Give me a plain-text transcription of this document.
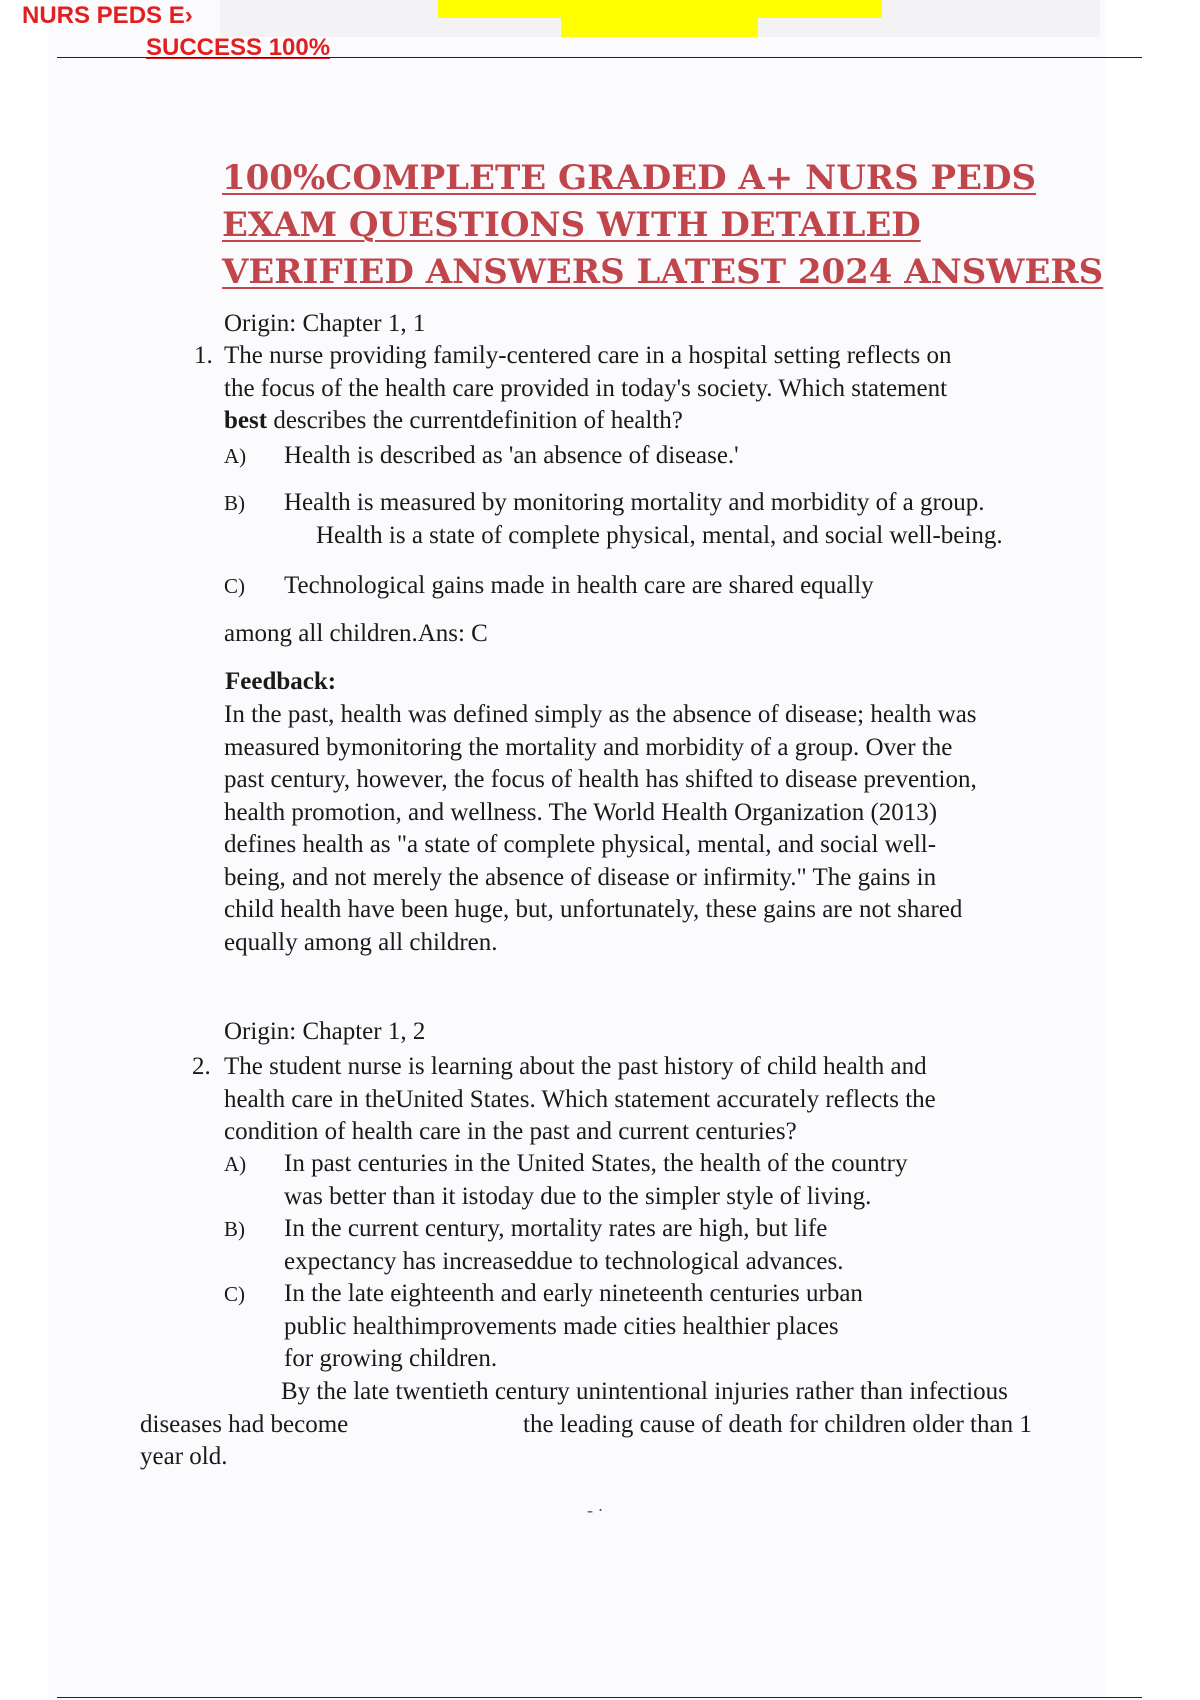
NURS PEDS E›
SUCCESS 100%
100%COMPLETE GRADED A+ NURS PEDS EXAM QUESTIONS WITH DETAILED VERIFIED ANSWERS LATEST 2024 ANSWERS
Origin: Chapter 1, 1
1. The nurse providing family-centered care in a hospital setting reflects on
the focus of the health care provided in today's society. Which statement
best describes the currentdefinition of health?
A) Health is described as 'an absence of disease.'
B) Health is measured by monitoring mortality and morbidity of a group.
Health is a state of complete physical, mental, and social well-being.
C) Technological gains made in health care are shared equally
among all children.Ans: C
Feedback:
In the past, health was defined simply as the absence of disease; health was
measured bymonitoring the mortality and morbidity of a group. Over the
past century, however, the focus of health has shifted to disease prevention,
health promotion, and wellness. The World Health Organization (2013)
defines health as "a state of complete physical, mental, and social well-
being, and not merely the absence of disease or infirmity." The gains in
child health have been huge, but, unfortunately, these gains are not shared
equally among all children.
Origin: Chapter 1, 2
2. The student nurse is learning about the past history of child health and
health care in theUnited States. Which statement accurately reflects the
condition of health care in the past and current centuries?
A) In past centuries in the United States, the health of the country
was better than it istoday due to the simpler style of living.
B) In the current century, mortality rates are high, but life
expectancy has increaseddue to technological advances.
C) In the late eighteenth and early nineteenth centuries urban
public healthimprovements made cities healthier places
for growing children.
By the late twentieth century unintentional injuries rather than infectious
diseases had become	the leading cause of death for children older than 1
year old.
- ·
